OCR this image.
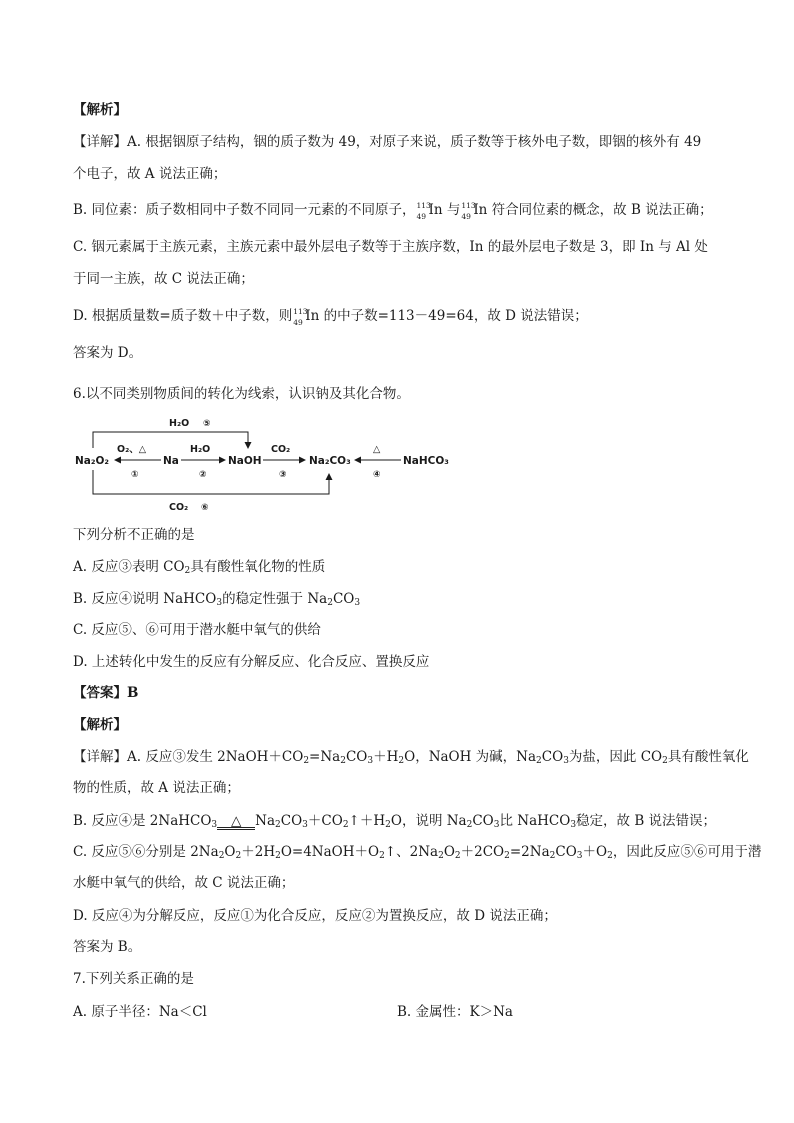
【解析】
【详解】A. 根据铟原子结构，铟的质子数为 49，对原子来说，质子数等于核外电子数，即铟的核外有 49
个电子，故 A 说法正确；
B. 同位素：质子数相同中子数不同同一元素的不同原子， 113
49 In 与 113
49 In 符合同位素的概念，故 B 说法正确；
C. 铟元素属于主族元素，主族元素中最外层电子数等于主族序数，In 的最外层电子数是 3，即 In 与 Al 处
于同一主族，故 C 说法正确；
D. 根据质量数=质子数＋中子数，则 113
49 In 的中子数=113－49=64，故 D 说法错误；
答案为 D。
6.以不同类别物质间的转化为线索，认识钠及其化合物。
Na₂O₂	Na	NaOH	Na₂CO₃	NaHCO₃
O₂、△
①
H₂O
②
CO₂
③
△
④
H₂O ⑤
CO₂ ⑥
下列分析不正确的是
A. 反应③表明 $CO_2$具有酸性氧化物的性质
B. 反应④说明 NaHCO$_3$的稳定性强于 $Na_2CO_3$
C. 反应⑤、⑥可用于潜水艇中氧气的供给
D. 上述转化中发生的反应有分解反应、化合反应、置换反应
【答案】B
【解析】
【详解】A. 反应③发生 $2NaOH+CO_2=Na_2CO_3+H_2O$，NaOH 为碱，$Na_2CO_3$为盐，因此 $CO_2$具有酸性氧化
物的性质，故 A 说法正确；
B. 反应④是 2NaHCO$_3$ △ $Na_2CO_3+CO_2↑+H_2O$，说明 $Na_2CO_3$比 NaHCO$_3$稳定，故 B 说法错误；
C. 反应⑤⑥分别是 $2Na_2O_2+2H_2O=4NaOH+O_2↑$、$2Na_2O_2+2CO_2=2Na_2CO_3+O_2$，因此反应⑤⑥可用于潜
水艇中氧气的供给，故 C 说法正确；
D. 反应④为分解反应，反应①为化合反应，反应②为置换反应，故 D 说法正确；
答案为 B。
7.下列关系正确的是
A. 原子半径：Na＜Cl	B. 金属性：K＞Na
